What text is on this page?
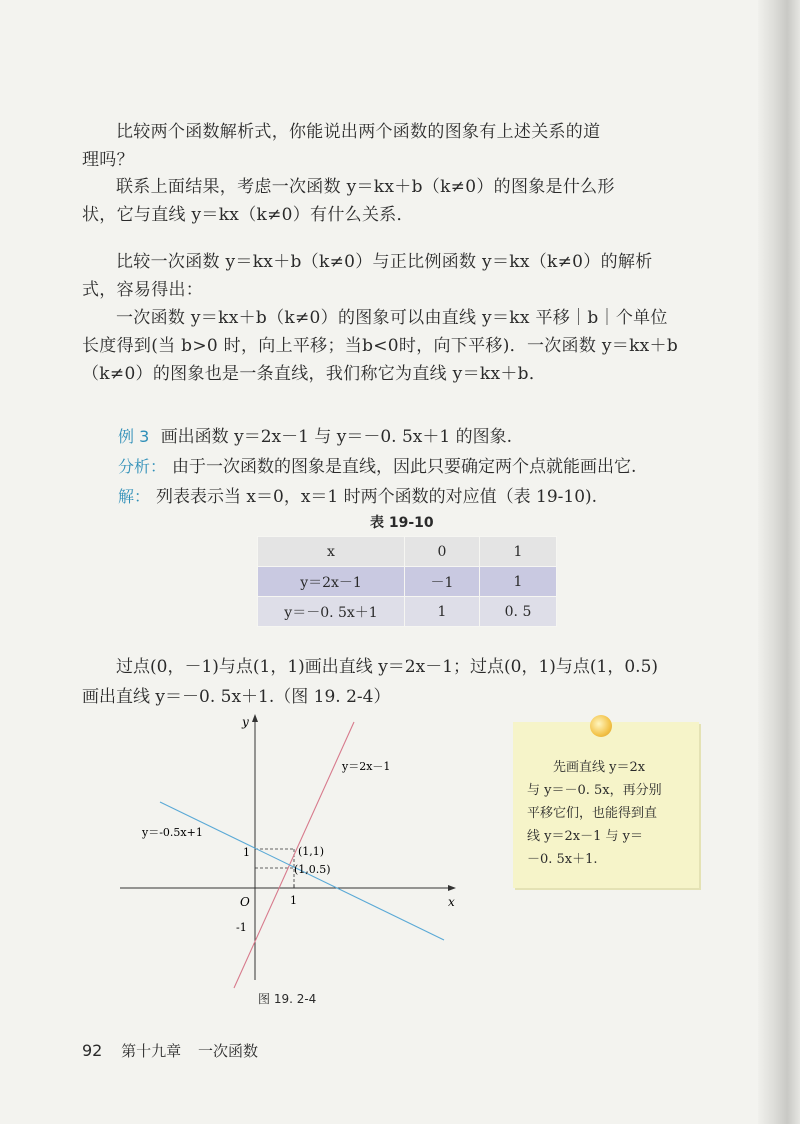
比较两个函数解析式，你能说出两个函数的图象有上述关系的道
理吗？
联系上面结果，考虑一次函数 y＝kx＋b（k≠0）的图象是什么形
状，它与直线 y＝kx（k≠0）有什么关系．
比较一次函数 y＝kx＋b（k≠0）与正比例函数 y＝kx（k≠0）的解析
式，容易得出：
一次函数 y＝kx＋b（k≠0）的图象可以由直线 y＝kx 平移｜b｜个单位
长度得到(当 b>0 时，向上平移；当b<0时，向下平移)．一次函数 y＝kx＋b
（k≠0）的图象也是一条直线，我们称它为直线 y＝kx＋b．
例 3 画出函数 y＝2x－1 与 y＝－0. 5x＋1 的图象.
分析： 由于一次函数的图象是直线，因此只要确定两个点就能画出它.
解： 列表表示当 x＝0，x＝1 时两个函数的对应值（表 19-10).
表 19-10
x	0	1
y＝2x－1	－1	1
y＝－0. 5x＋1	1	0. 5
过点(0，－1)与点(1，1)画出直线 y＝2x－1；过点(0，1)与点(1，0.5)
画出直线 y＝－0. 5x＋1.（图 19. 2-4）
y
x
O
1
-1
1
y＝2x－1
y＝-0.5x+1
(1,1)
(1,0.5)
图 19. 2-4
先画直线 y＝2x
与 y＝－0. 5x，再分别
平移它们，也能得到直
线 y＝2x－1 与 y＝
－0. 5x＋1.
92 第十九章 一次函数
